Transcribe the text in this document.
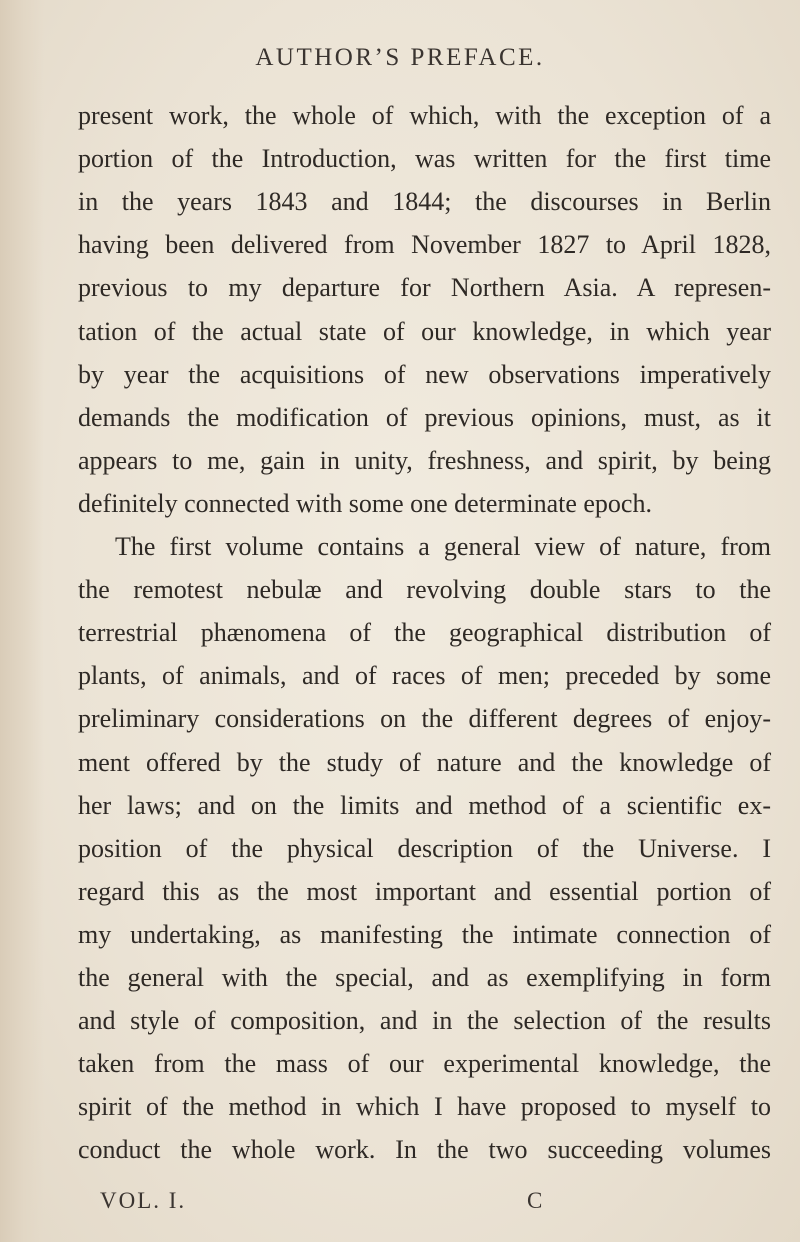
AUTHOR’S PREFACE.
present work, the whole of which, with the exception of a
portion of the Introduction, was written for the first time
in the years 1843 and 1844; the discourses in Berlin
having been delivered from November 1827 to April 1828,
previous to my departure for Northern Asia. A represen-
tation of the actual state of our knowledge, in which year
by year the acquisitions of new observations imperatively
demands the modification of previous opinions, must, as it
appears to me, gain in unity, freshness, and spirit, by being
definitely connected with some one determinate epoch.
The first volume contains a general view of nature, from
the remotest nebulæ and revolving double stars to the
terrestrial phænomena of the geographical distribution of
plants, of animals, and of races of men; preceded by some
preliminary considerations on the different degrees of enjoy-
ment offered by the study of nature and the knowledge of
her laws; and on the limits and method of a scientific ex-
position of the physical description of the Universe. I
regard this as the most important and essential portion of
my undertaking, as manifesting the intimate connection of
the general with the special, and as exemplifying in form
and style of composition, and in the selection of the results
taken from the mass of our experimental knowledge, the
spirit of the method in which I have proposed to myself to
conduct the whole work. In the two succeeding volumes
VOL. I.	C
